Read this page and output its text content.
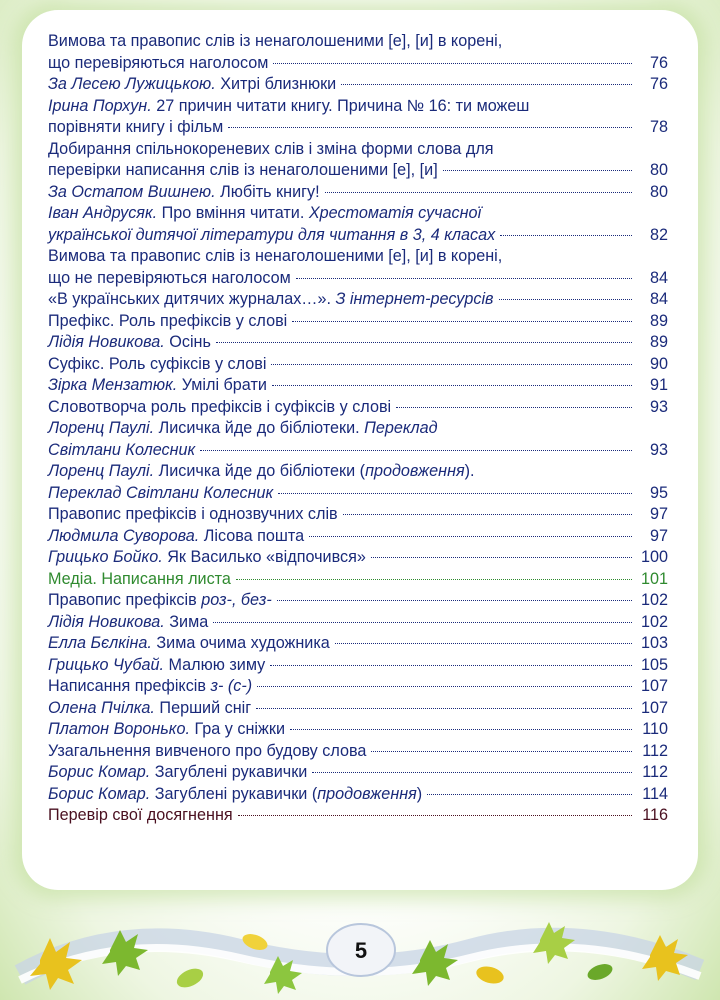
Вимова та правопис слів із ненаголошеними [е], [и] в корені,
що перевіряються наголосом	76
За Лесею Лужицькою. Хитрі близнюки	76
Ірина Порхун. 27 причин читати книгу. Причина № 16: ти можеш
порівняти книгу і фільм	78
Добирання спільнокореневих слів і зміна форми слова для
перевірки написання слів із ненаголошеними [е], [и]	80
За Остапом Вишнею. Любіть книгу!	80
Іван Андрусяк. Про вміння читати. Хрестоматія сучасної
української дитячої літератури для читання в 3, 4 класах	82
Вимова та правопис слів із ненаголошеними [е], [и] в корені,
що не перевіряються наголосом	84
«В українських дитячих журналах…». З інтернет-ресурсів	84
Префікс. Роль префіксів у слові	89
Лідія Новикова. Осінь	89
Суфікс. Роль суфіксів у слові	90
Зірка Мензатюк. Умілі брати	91
Словотворча роль префіксів і суфіксів у слові	93
Лоренц Паулі. Лисичка йде до бібліотеки. Переклад
Світлани Колесник	93
Лоренц Паулі. Лисичка йде до бібліотеки (продовження).
Переклад Світлани Колесник	95
Правопис префіксів і однозвучних слів	97
Людмила Суворова. Лісова пошта	97
Грицько Бойко. Як Василько «відпочився»	100
Медіа. Написання листа	101
Правопис префіксів роз-, без-	102
Лідія Новикова. Зима	102
Елла Бєлкіна. Зима очима художника	103
Грицько Чубай. Малюю зиму	105
Написання префіксів з- (с-)	107
Олена Пчілка. Перший сніг	107
Платон Воронько. Гра у сніжки	110
Узагальнення вивченого про будову слова	112
Борис Комар. Загублені рукавички	112
Борис Комар. Загублені рукавички (продовження)	114
Перевір свої досягнення	116
5
